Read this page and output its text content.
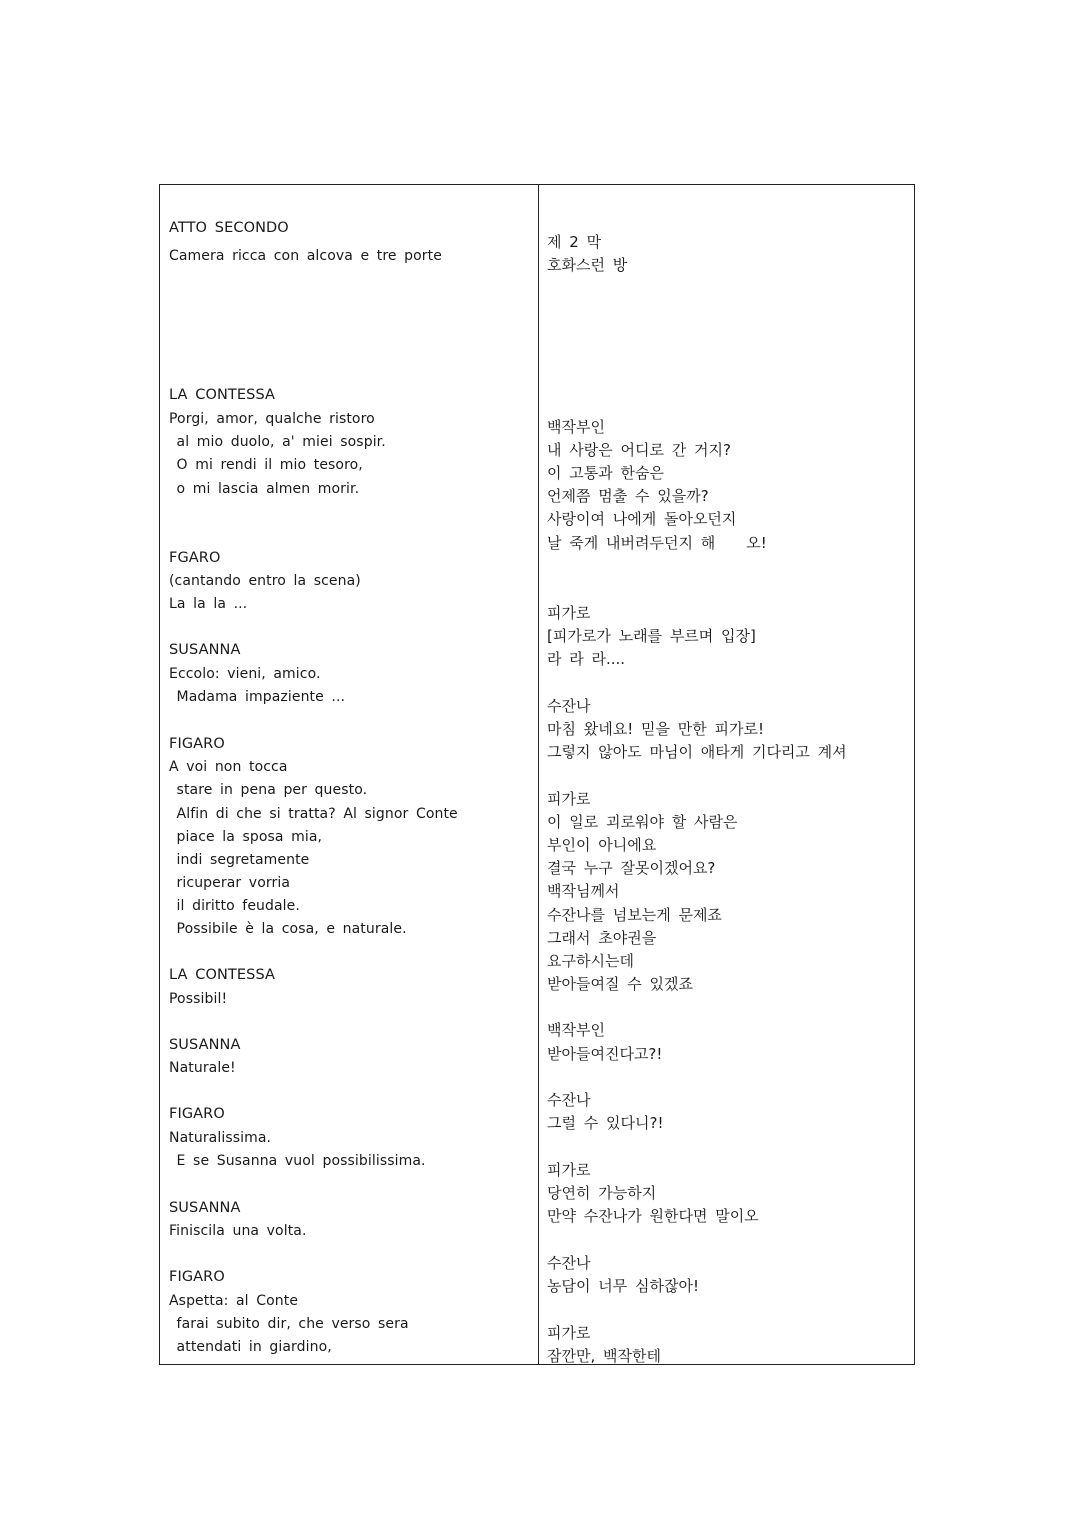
ATTO SECONDO
Camera ricca con alcova e tre porte
LA CONTESSA
Porgi, amor, qualche ristoro
al mio duolo, a' miei sospir.
O mi rendi il mio tesoro,
o mi lascia almen morir.
FGARO
(cantando entro la scena)
La la la ...
SUSANNA
Eccolo: vieni, amico.
Madama impaziente ...
FIGARO
A voi non tocca
stare in pena per questo.
Alfin di che si tratta? Al signor Conte
piace la sposa mia,
indi segretamente
ricuperar vorria
il diritto feudale.
Possibile è la cosa, e naturale.
LA CONTESSA
Possibil!
SUSANNA
Naturale!
FIGARO
Naturalissima.
E se Susanna vuol possibilissima.
SUSANNA
Finiscila una volta.
FIGARO
Aspetta: al Conte
farai subito dir, che verso sera
attendati in giardino,
제 2 막
호화스런 방
백작부인
내 사랑은 어디로 간 거지?
이 고통과 한숨은
언제쯤 멈출 수 있을까?
사랑이여 나에게 돌아오던지
날 죽게 내버려두던지 해    오!
피가로
[피가로가 노래를 부르며 입장]
라 라 라....
수잔나
마침 왔네요! 믿을 만한 피가로!
그렇지 않아도 마님이 애타게 기다리고 계셔
피가로
이 일로 괴로워야 할 사람은
부인이 아니에요
결국 누구 잘못이겠어요?
백작님께서
수잔나를 넘보는게 문제죠
그래서 초야권을
요구하시는데
받아들여질 수 있겠죠
백작부인
받아들여진다고?!
수잔나
그럴 수 있다니?!
피가로
당연히 가능하지
만약 수잔나가 원한다면 말이오
수잔나
농담이 너무 심하잖아!
피가로
잠깐만, 백작한테
